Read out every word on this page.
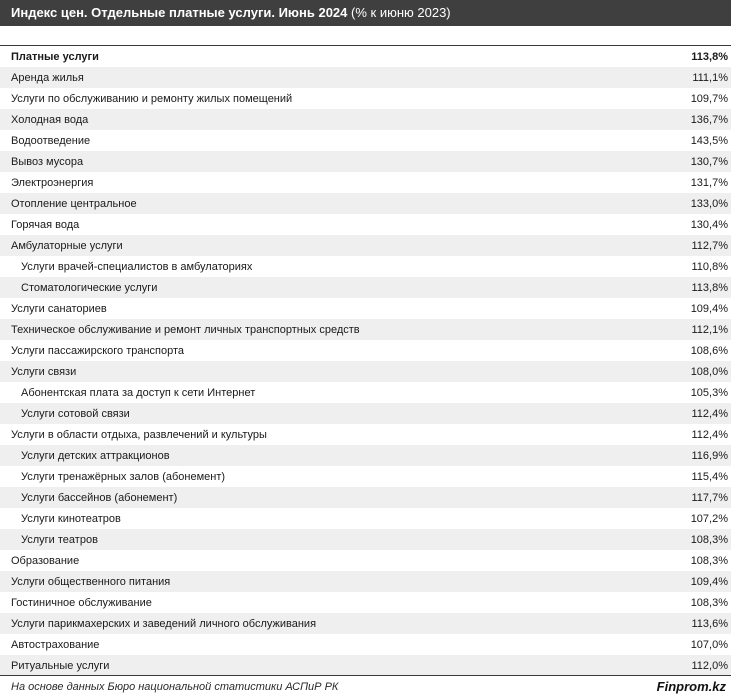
Индекс цен. Отдельные платные услуги. Июнь 2024 (% к июню 2023)
Платные услуги	113,8%
Аренда жилья	111,1%
Услуги по обслуживанию и ремонту жилых помещений	109,7%
Холодная вода	136,7%
Водоотведение	143,5%
Вывоз мусора	130,7%
Электроэнергия	131,7%
Отопление центральное	133,0%
Горячая вода	130,4%
Амбулаторные услуги	112,7%
Услуги врачей-специалистов в амбулаториях	110,8%
Стоматологические услуги	113,8%
Услуги санаториев	109,4%
Техническое обслуживание и ремонт личных транспортных средств	112,1%
Услуги пассажирского транспорта	108,6%
Услуги связи	108,0%
Абонентская плата за доступ к сети Интернет	105,3%
Услуги сотовой связи	112,4%
Услуги в области отдыха, развлечений и культуры	112,4%
Услуги детских аттракционов	116,9%
Услуги тренажёрных залов (абонемент)	115,4%
Услуги бассейнов (абонемент)	117,7%
Услуги кинотеатров	107,2%
Услуги театров	108,3%
Образование	108,3%
Услуги общественного питания	109,4%
Гостиничное обслуживание	108,3%
Услуги парикмахерских и заведений личного обслуживания	113,6%
Автострахование	107,0%
Ритуальные услуги	112,0%
На основе данных Бюро национальной статистики АСПиР РК	Finprom.kz
